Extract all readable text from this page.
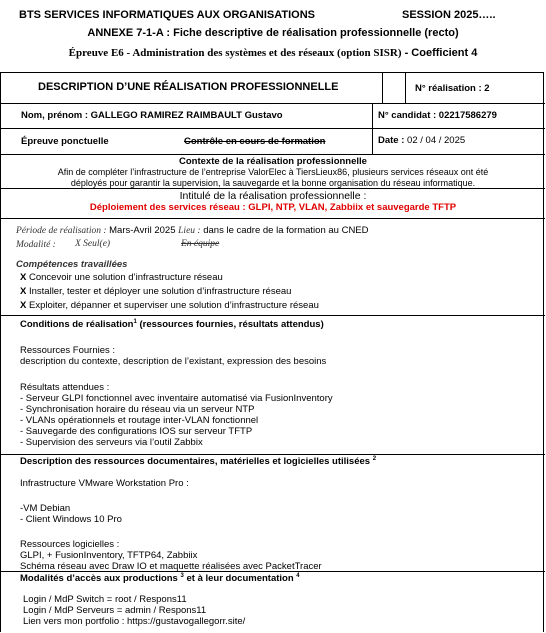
BTS SERVICES INFORMATIQUES AUX ORGANISATIONS	SESSION 2025…..
ANNEXE 7-1-A : Fiche descriptive de réalisation professionnelle (recto)
Épreuve E6 - Administration des systèmes et des réseaux (option SISR) - Coefficient 4
DESCRIPTION D’UNE RÉALISATION PROFESSIONNELLE	N° réalisation : 2
Nom, prénom : GALLEGO RAMIREZ RAIMBAULT Gustavo	N° candidat : 02217586279
Épreuve ponctuelle	Contrôle en cours de formation	Date : 02 / 04 / 2025
Contexte de la réalisation professionnelle
Afin de compléter l’infrastructure de l’entreprise ValorElec à TiersLieux86, plusieurs services réseaux ont été
déployés pour garantir la supervision, la sauvegarde et la bonne organisation du réseau informatique.
Intitulé de la réalisation professionnelle :
Déploiement des services réseau : GLPI, NTP, VLAN, Zabbiix et sauvegarde TFTP
Période de réalisation : Mars-Avril 2025 Lieu : dans le cadre de la formation au CNED
Modalité : X Seul(e)	En équipe
Compétences travaillées
X Concevoir une solution d’infrastructure réseau
X Installer, tester et déployer une solution d’infrastructure réseau
X Exploiter, dépanner et superviser une solution d’infrastructure réseau
Conditions de réalisation$^1$ (ressources fournies, résultats attendus)
Ressources Fournies :
description du contexte, description de l’existant, expression des besoins
Résultats attendues :
- Serveur GLPI fonctionnel avec inventaire automatisé via FusionInventory
- Synchronisation horaire du réseau via un serveur NTP
- VLANs opérationnels et routage inter-VLAN fonctionnel
- Sauvegarde des configurations IOS sur serveur TFTP
- Supervision des serveurs via l’outil Zabbix
Description des ressources documentaires, matérielles et logicielles utilisées $^2$
Infrastructure VMware Workstation Pro :
-VM Debian
- Client Windows 10 Pro
Ressources logicielles :
GLPI, + FusionInventory, TFTP64, Zabbiix
Schéma réseau avec Draw IO et maquette réalisées avec PacketTracer
Modalités d’accès aux productions $^3$ et à leur documentation $^4$
Login / MdP Switch = root / Respons11
Login / MdP Serveurs = admin / Respons11
Lien vers mon portfolio : https://gustavogallegorr.site/
